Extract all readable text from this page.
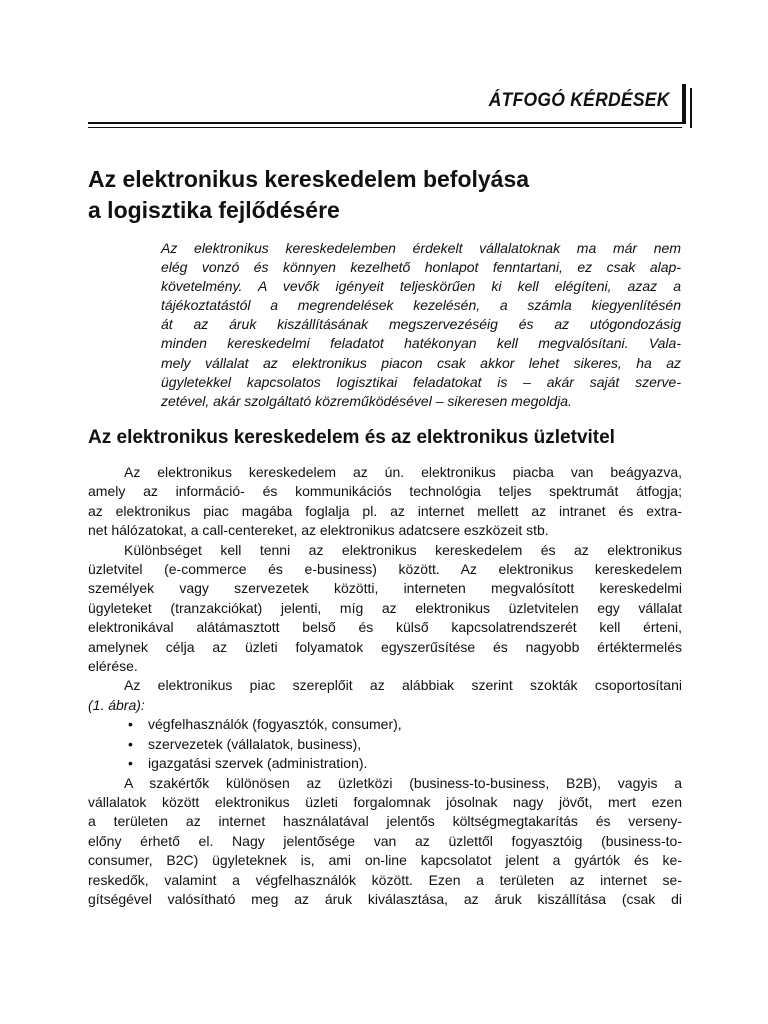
ÁTFOGÓ KÉRDÉSEK
Az elektronikus kereskedelem befolyása
a logisztika fejlődésére
Az elektronikus kereskedelemben érdekelt vállalatoknak ma már nem
elég vonzó és könnyen kezelhető honlapot fenntartani, ez csak alap-
követelmény. A vevők igényeit teljeskörűen ki kell elégíteni, azaz a
tájékoztatástól a megrendelések kezelésén, a számla kiegyenlítésén
át az áruk kiszállításának megszervezéséig és az utógondozásig
minden kereskedelmi feladatot hatékonyan kell megvalósítani. Vala-
mely vállalat az elektronikus piacon csak akkor lehet sikeres, ha az
ügyletekkel kapcsolatos logisztikai feladatokat is – akár saját szerve-
zetével, akár szolgáltató közreműködésével – sikeresen megoldja.
Az elektronikus kereskedelem és az elektronikus üzletvitel
Az elektronikus kereskedelem az ún. elektronikus piacba van beágyazva,
amely az információ- és kommunikációs technológia teljes spektrumát átfogja;
az elektronikus piac magába foglalja pl. az internet mellett az intranet és extra-
net hálózatokat, a call-centereket, az elektronikus adatcsere eszközeit stb.
Különbséget kell tenni az elektronikus kereskedelem és az elektronikus
üzletvitel (e-commerce és e-business) között. Az elektronikus kereskedelem
személyek vagy szervezetek közötti, interneten megvalósított kereskedelmi
ügyleteket (tranzakciókat) jelenti, míg az elektronikus üzletvitelen egy vállalat
elektronikával alátámasztott belső és külső kapcsolatrendszerét kell érteni,
amelynek célja az üzleti folyamatok egyszerűsítése és nagyobb értéktermelés
elérése.
Az elektronikus piac szereplőit az alábbiak szerint szokták csoportosítani
(1. ábra):
•	végfelhasználók (fogyasztók, consumer),
•	szervezetek (vállalatok, business),
•	igazgatási szervek (administration).
A szakértők különösen az üzletközi (business-to-business, B2B), vagyis a
vállalatok között elektronikus üzleti forgalomnak jósolnak nagy jövőt, mert ezen
a területen az internet használatával jelentős költségmegtakarítás és verseny-
előny érhető el. Nagy jelentősége van az üzlettől fogyasztóig (business-to-
consumer, B2C) ügyleteknek is, ami on-line kapcsolatot jelent a gyártók és ke-
reskedők, valamint a végfelhasználók között. Ezen a területen az internet se-
gítségével valósítható meg az áruk kiválasztása, az áruk kiszállítása (csak di
